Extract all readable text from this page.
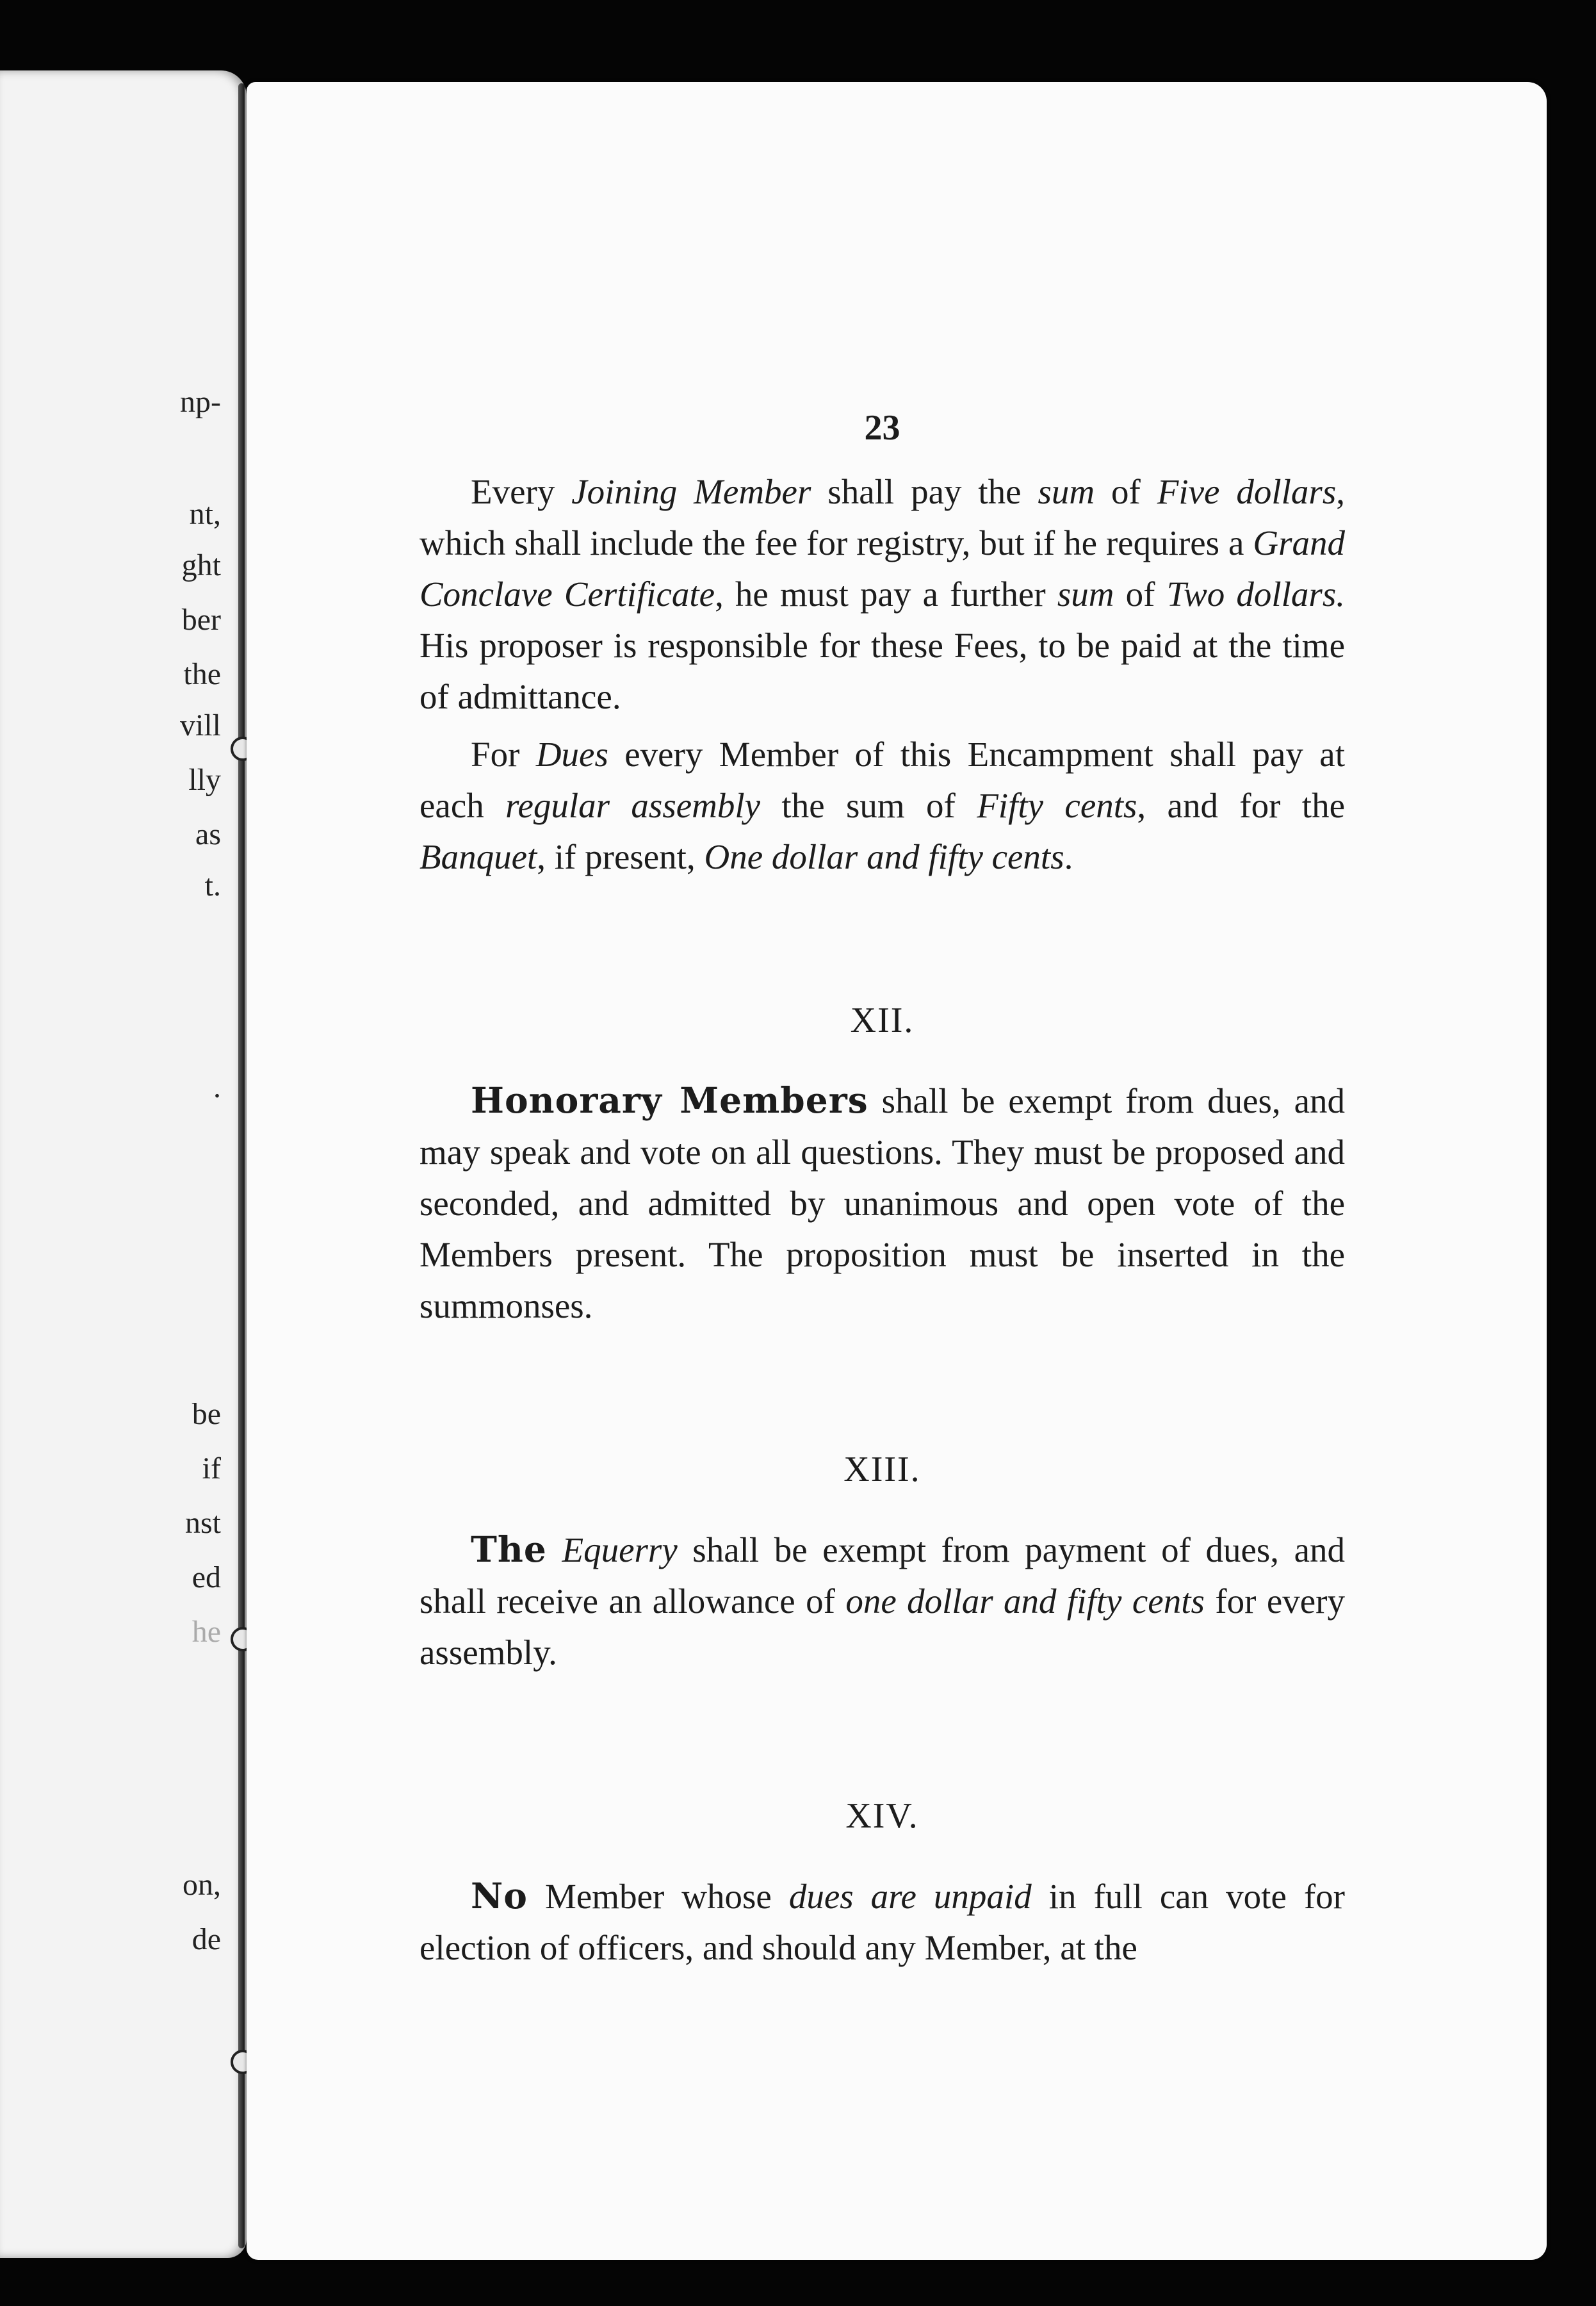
np-
nt,
ght
ber
the
vill
lly
as
t.
.
be
if
nst
ed
he
on,
de
23

Every Joining Member shall pay the sum of Five dollars, which shall include the fee for registry, but if he requires a Grand Conclave Certificate, he must pay a further sum of Two dollars. His proposer is responsible for these Fees, to be paid at the time of admittance.

For Dues every Member of this Encampment shall pay at each regular assembly the sum of Fifty cents, and for the Banquet, if present, One dollar and fifty cents.

XII.

Honorary Members shall be exempt from dues, and may speak and vote on all questions. They must be proposed and seconded, and admitted by unanimous and open vote of the Members present. The proposition must be inserted in the summonses.

XIII.

The Equerry shall be exempt from payment of dues, and shall receive an allowance of one dollar and fifty cents for every assembly.

XIV.

No Member whose dues are unpaid in full can vote for election of officers, and should any Member, at the
